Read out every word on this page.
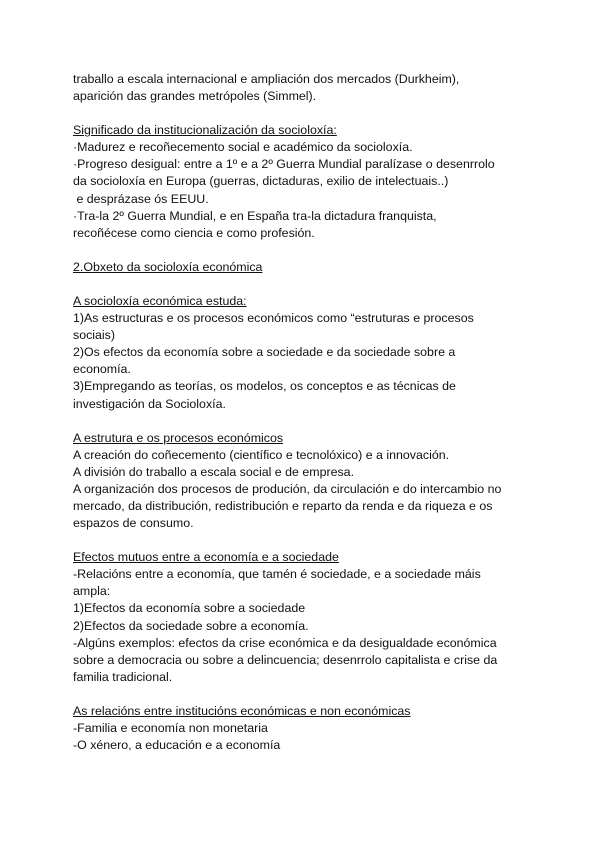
traballo a escala internacional e ampliación dos mercados (Durkheim),
aparición das grandes metrópoles (Simmel).
Significado da institucionalización da socioloxía:
·Madurez e recoñecemento social e académico da socioloxía.
·Progreso desigual: entre a 1º e a 2º Guerra Mundial paralízase o desenrrolo
da socioloxía en Europa (guerras, dictaduras, exilio de intelectuais..)
e desprázase ós EEUU.
·Tra-la 2º Guerra Mundial, e en España tra-la dictadura franquista,
recoñécese como ciencia e como profesión.
2.Obxeto da socioloxía económica
A socioloxía económica estuda:
1)As estructuras e os procesos económicos como “estruturas e procesos
sociais)
2)Os efectos da economía sobre a sociedade e da sociedade sobre a
economía.
3)Empregando as teorías, os modelos, os conceptos e as técnicas de
investigación da Socioloxía.
A estrutura e os procesos económicos
A creación do coñecemento (científico e tecnolóxico) e a innovación.
A división do traballo a escala social e de empresa.
A organización dos procesos de produción, da circulación e do intercambio no
mercado, da distribución, redistribución e reparto da renda e da riqueza e os
espazos de consumo.
Efectos mutuos entre a economía e a sociedade
-Relacións entre a economía, que tamén é sociedade, e a sociedade máis
ampla:
1)Efectos da economía sobre a sociedade
2)Efectos da sociedade sobre a economía.
-Algúns exemplos: efectos da crise económica e da desigualdade económica
sobre a democracia ou sobre a delincuencia; desenrrolo capitalista e crise da
familia tradicional.
As relacións entre institucións económicas e non económicas
-Familia e economía non monetaria
-O xénero, a educación e a economía
